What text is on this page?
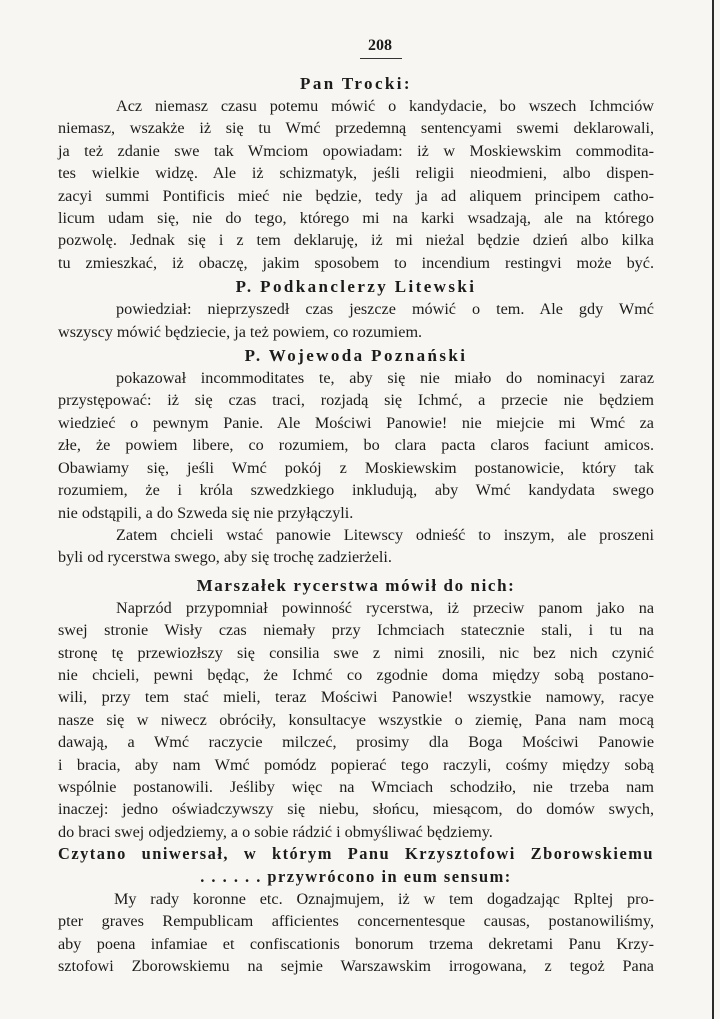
208
Pan Trocki:
Acz niemasz czasu potemu mówić o kandydacie, bo wszech Ichmciów
niemasz, wszakże iż się tu Wmć przedemną sentencyami swemi deklarowali,
ja też zdanie swe tak Wmciom opowiadam: iż w Moskiewskim commodita-
tes wielkie widzę. Ale iż schizmatyk, jeśli religii nieodmieni, albo dispen-
zacyi summi Pontificis mieć nie będzie, tedy ja ad aliquem principem catho-
licum udam się, nie do tego, którego mi na karki wsadzają, ale na którego
pozwolę. Jednak się i z tem deklaruję, iż mi nieżal będzie dzień albo kilka
tu zmieszkać, iż obaczę, jakim sposobem to incendium restingvi może być.
P. Podkanclerzy Litewski
powiedział: nieprzyszedł czas jeszcze mówić o tem. Ale gdy Wmć
wszyscy mówić będziecie, ja też powiem, co rozumiem.
P. Wojewoda Poznański
pokazował incommoditates te, aby się nie miało do nominacyi zaraz
przystępować: iż się czas traci, rozjadą się Ichmć, a przecie nie będziem
wiedzieć o pewnym Panie. Ale Mościwi Panowie! nie miejcie mi Wmć za
złe, że powiem libere, co rozumiem, bo clara pacta claros faciunt amicos.
Obawiamy się, jeśli Wmć pokój z Moskiewskim postanowicie, który tak
rozumiem, że i króla szwedzkiego inkludują, aby Wmć kandydata swego
nie odstąpili, a do Szweda się nie przyłączyli.
Zatem chcieli wstać panowie Litewscy odnieść to inszym, ale proszeni
byli od rycerstwa swego, aby się trochę zadzierżeli.
Marszałek rycerstwa mówił do nich:
Naprzód przypomniał powinność rycerstwa, iż przeciw panom jako na
swej stronie Wisły czas niemały przy Ichmciach statecznie stali, i tu na
stronę tę przewiozłszy się consilia swe z nimi znosili, nic bez nich czynić
nie chcieli, pewni będąc, że Ichmć co zgodnie doma między sobą postano-
wili, przy tem stać mieli, teraz Mościwi Panowie! wszystkie namowy, racye
nasze się w niwecz obróciły, konsultacye wszystkie o ziemię, Pana nam mocą
dawają, a Wmć raczycie milczeć, prosimy dla Boga Mościwi Panowie
i bracia, aby nam Wmć pomódz popierać tego raczyli, cośmy między sobą
wspólnie postanowili. Jeśliby więc na Wmciach schodziło, nie trzeba nam
inaczej: jedno oświadczywszy się niebu, słońcu, miesącom, do domów swych,
do braci swej odjedziemy, a o sobie rádzić i obmyśliwać będziemy.
Czytano uniwersał, w którym Panu Krzysztofowi Zborowskiemu
. . . . . . przywrócono in eum sensum:
My rady koronne etc. Oznajmujem, iż w tem dogadzając Rpltej pro-
pter graves Rempublicam afficientes concernentesque causas, postanowiliśmy,
aby poena infamiae et confiscationis bonorum trzema dekretami Panu Krzy-
sztofowi Zborowskiemu na sejmie Warszawskim irrogowana, z tegoż Pana
